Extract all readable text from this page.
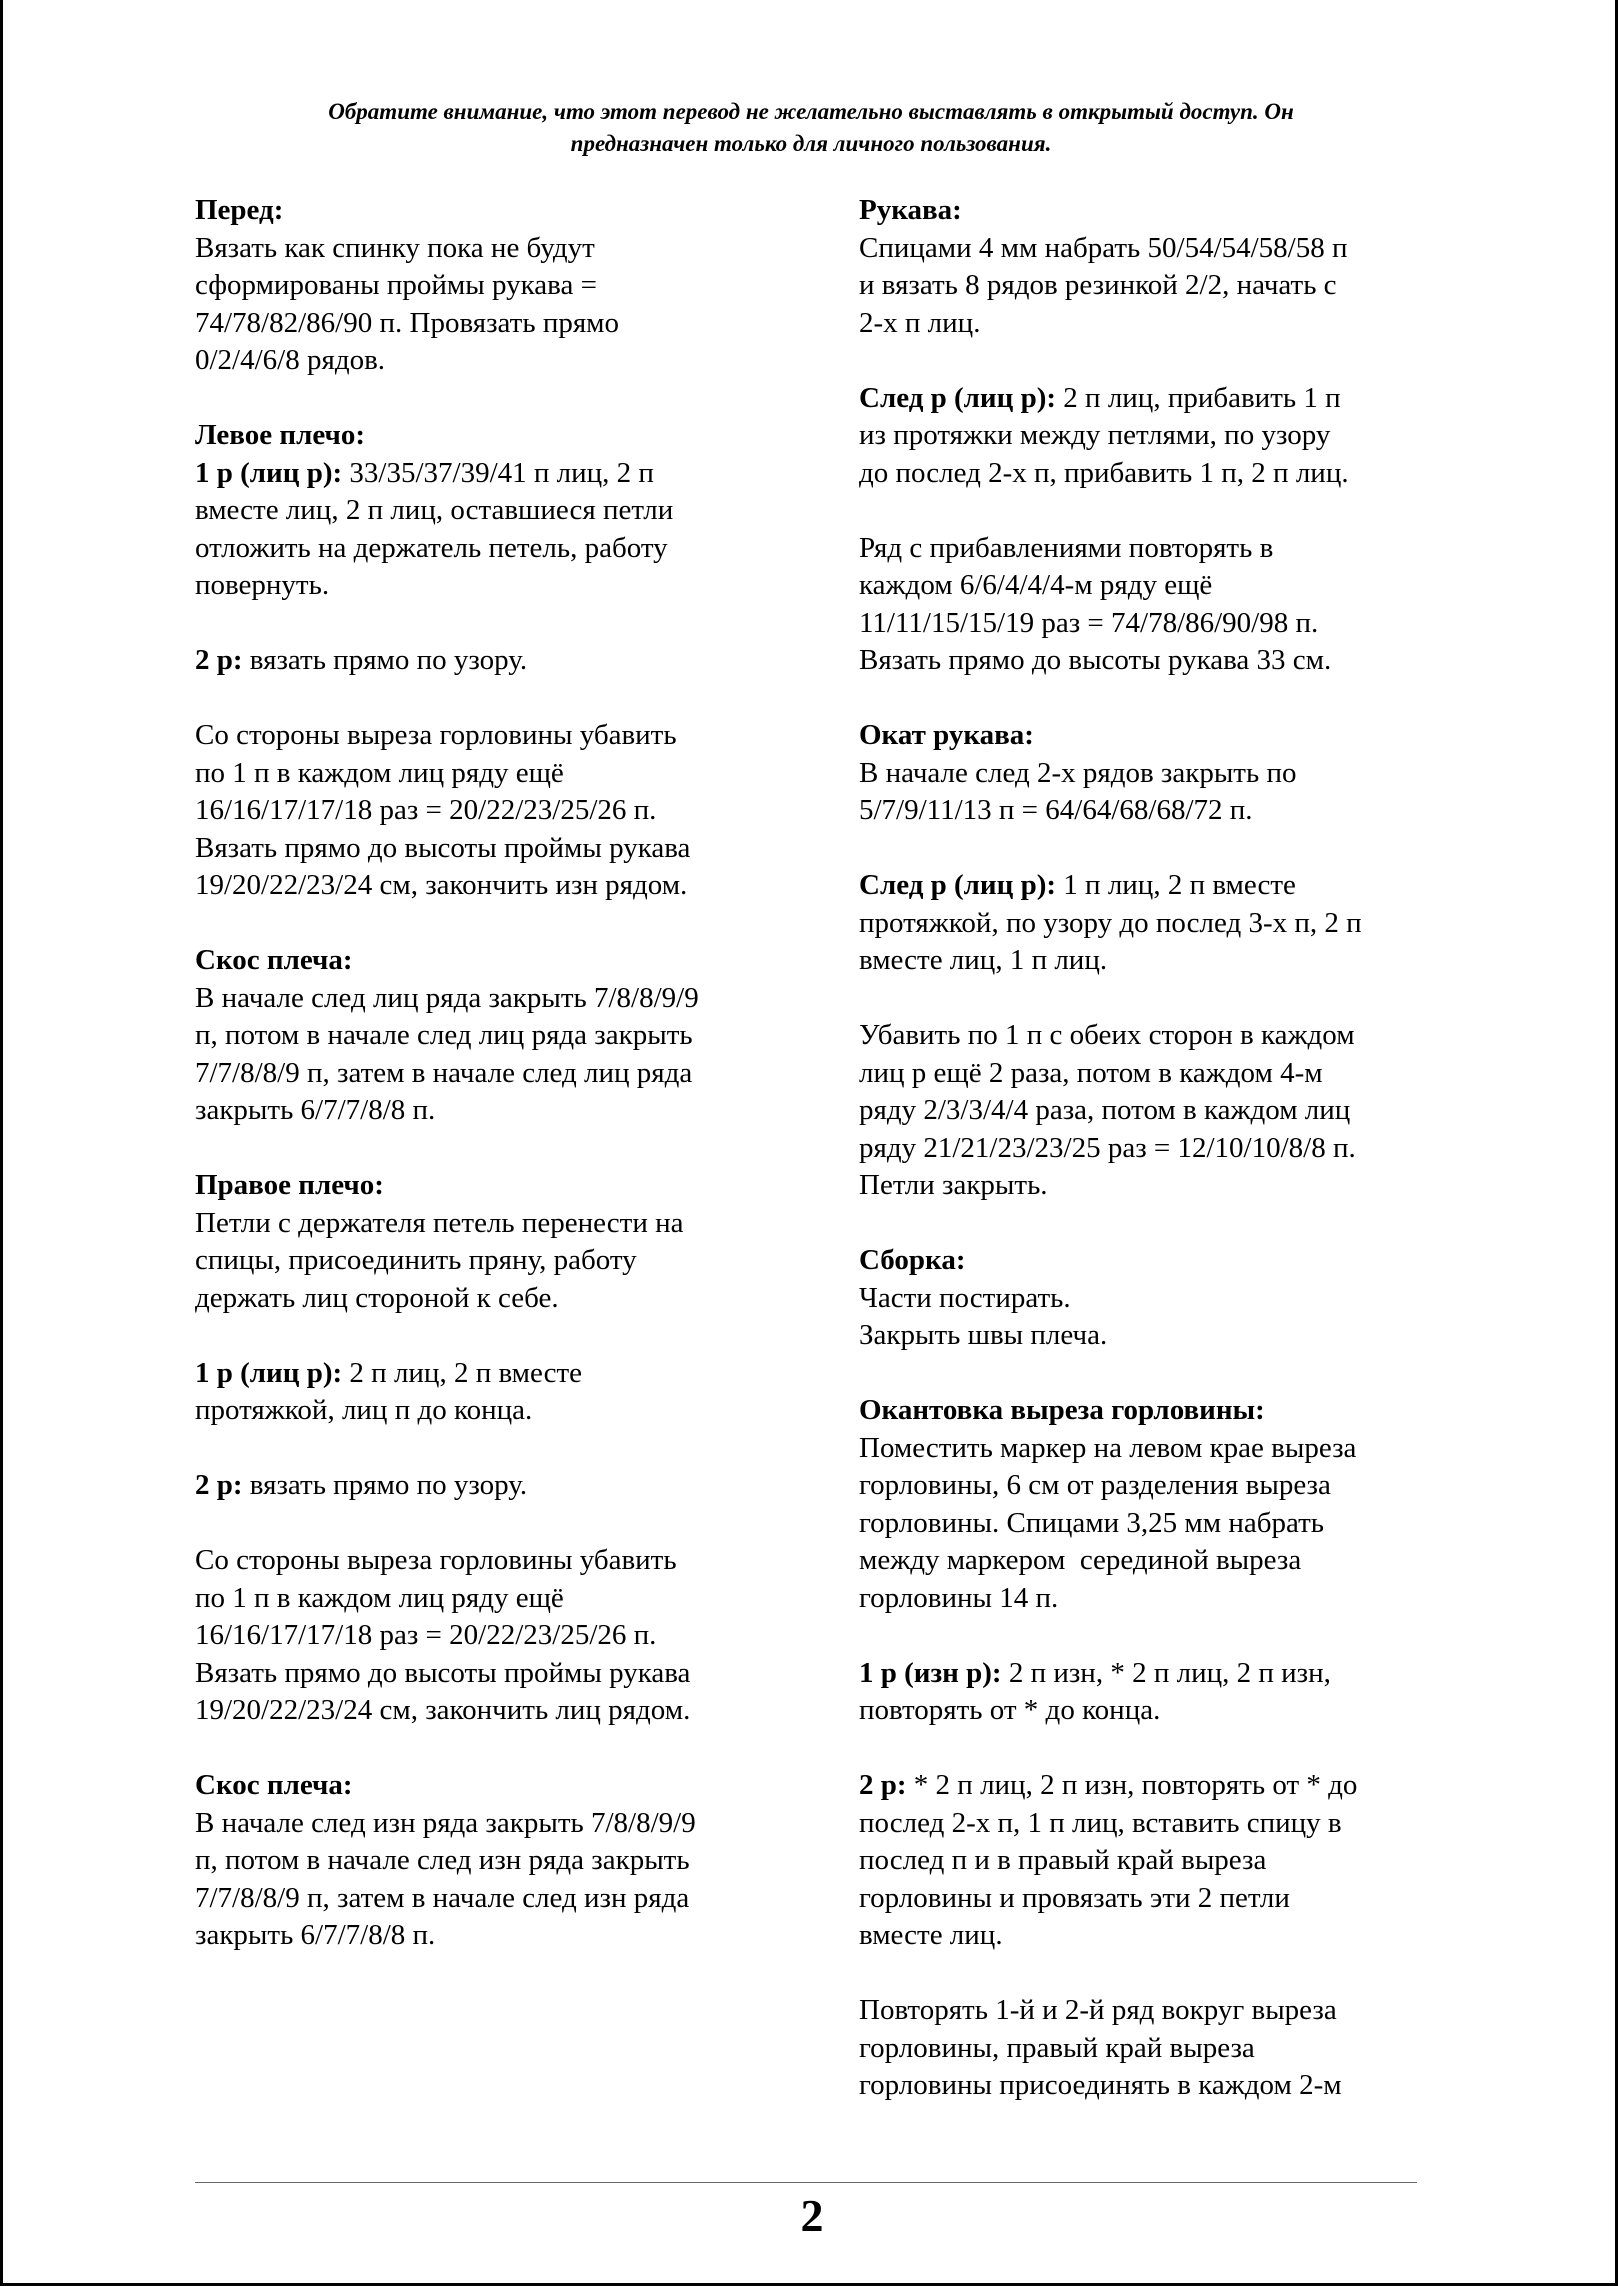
Обратите внимание, что этот перевод не желательно выставлять в открытый доступ. Он
предназначен только для личного пользования.
Перед:
Вязать как спинку пока не будут
сформированы проймы рукава =
74/78/82/86/90 п. Провязать прямо
0/2/4/6/8 рядов.
Левое плечо:
1 р (лиц р): 33/35/37/39/41 п лиц, 2 п
вместе лиц, 2 п лиц, оставшиеся петли
отложить на держатель петель, работу
повернуть.
2 р: вязать прямо по узору.
Со стороны выреза горловины убавить
по 1 п в каждом лиц ряду ещё
16/16/17/17/18 раз = 20/22/23/25/26 п.
Вязать прямо до высоты проймы рукава
19/20/22/23/24 см, закончить изн рядом.
Скос плеча:
В начале след лиц ряда закрыть 7/8/8/9/9
п, потом в начале след лиц ряда закрыть
7/7/8/8/9 п, затем в начале след лиц ряда
закрыть 6/7/7/8/8 п.
Правое плечо:
Петли с держателя петель перенести на
спицы, присоединить пряну, работу
держать лиц стороной к себе.
1 р (лиц р): 2 п лиц, 2 п вместе
протяжкой, лиц п до конца.
2 р: вязать прямо по узору.
Со стороны выреза горловины убавить
по 1 п в каждом лиц ряду ещё
16/16/17/17/18 раз = 20/22/23/25/26 п.
Вязать прямо до высоты проймы рукава
19/20/22/23/24 см, закончить лиц рядом.
Скос плеча:
В начале след изн ряда закрыть 7/8/8/9/9
п, потом в начале след изн ряда закрыть
7/7/8/8/9 п, затем в начале след изн ряда
закрыть 6/7/7/8/8 п.
Рукава:
Спицами 4 мм набрать 50/54/54/58/58 п
и вязать 8 рядов резинкой 2/2, начать с
2-х п лиц.
След р (лиц р): 2 п лиц, прибавить 1 п
из протяжки между петлями, по узору
до послед 2-х п, прибавить 1 п, 2 п лиц.
Ряд с прибавлениями повторять в
каждом 6/6/4/4/4-м ряду ещё
11/11/15/15/19 раз = 74/78/86/90/98 п.
Вязать прямо до высоты рукава 33 см.
Окат рукава:
В начале след 2-х рядов закрыть по
5/7/9/11/13 п = 64/64/68/68/72 п.
След р (лиц р): 1 п лиц, 2 п вместе
протяжкой, по узору до послед 3-х п, 2 п
вместе лиц, 1 п лиц.
Убавить по 1 п с обеих сторон в каждом
лиц р ещё 2 раза, потом в каждом 4-м
ряду 2/3/3/4/4 раза, потом в каждом лиц
ряду 21/21/23/23/25 раз = 12/10/10/8/8 п.
Петли закрыть.
Сборка:
Части постирать.
Закрыть швы плеча.
Окантовка выреза горловины:
Поместить маркер на левом крае выреза
горловины, 6 см от разделения выреза
горловины. Спицами 3,25 мм набрать
между маркером  серединой выреза
горловины 14 п.
1 р (изн р): 2 п изн, * 2 п лиц, 2 п изн,
повторять от * до конца.
2 р: * 2 п лиц, 2 п изн, повторять от * до
послед 2-х п, 1 п лиц, вставить спицу в
послед п и в правый край выреза
горловины и провязать эти 2 петли
вместе лиц.
Повторять 1-й и 2-й ряд вокруг выреза
горловины, правый край выреза
горловины присоединять в каждом 2-м
2
